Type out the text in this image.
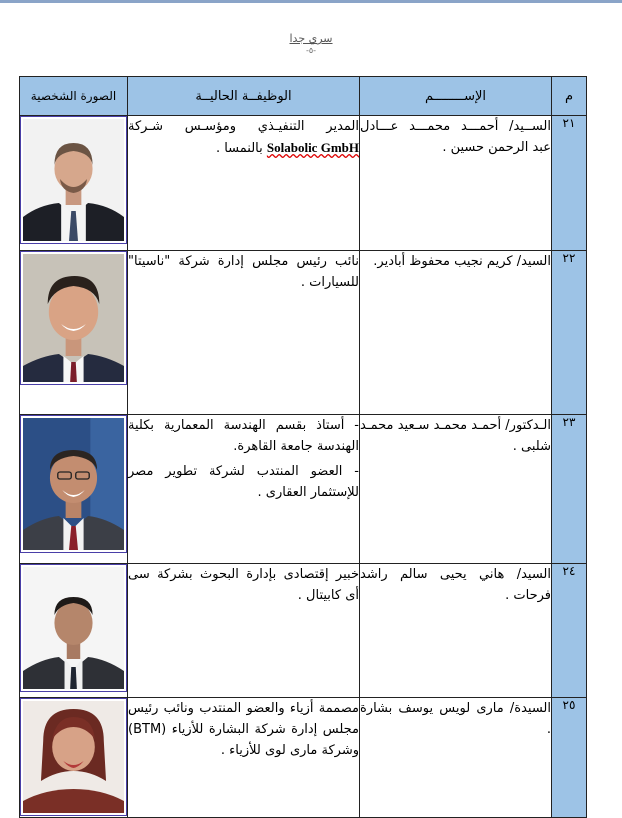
سري جدا
-٥-
م	الإســــــــم	الوظيفــة الحاليــة	الصورة الشخصية
٢١	الســيد/ أحمـــد محمـــد عـــادل عبد الرحمن حسين .	المدير التنفيـذي ومؤسـس شـركة Solabolic GmbH بالنمسا .	

٢٢	السيد/ كريم نجيب محفوظ أبادير.	نائب رئيس مجلس إدارة شركة "ناسيتا" للسيارات .	

٢٣	الـدكتور/ أحمـد محمـد سـعيد محمـد شلبى .	- أستاذ بقسم الهندسة المعمارية بكلية الهندسة جامعة القاهرة.
- العضو المنتدب لشركة تطوير مصر للإستثمار العقارى .

٢٤	السيد/ هاني يحيى سالم راشد فرحات .	خبير إقتصادى بإدارة البحوث بشركة سى أى كابيتال .	

٢٥	السيدة/ مارى لويس يوسف بشارة .	مصممة أزياء والعضو المنتدب ونائب رئيس مجلس إدارة شركة البشارة للأزياء (BTM) وشركة مارى لوى للأزياء .	
